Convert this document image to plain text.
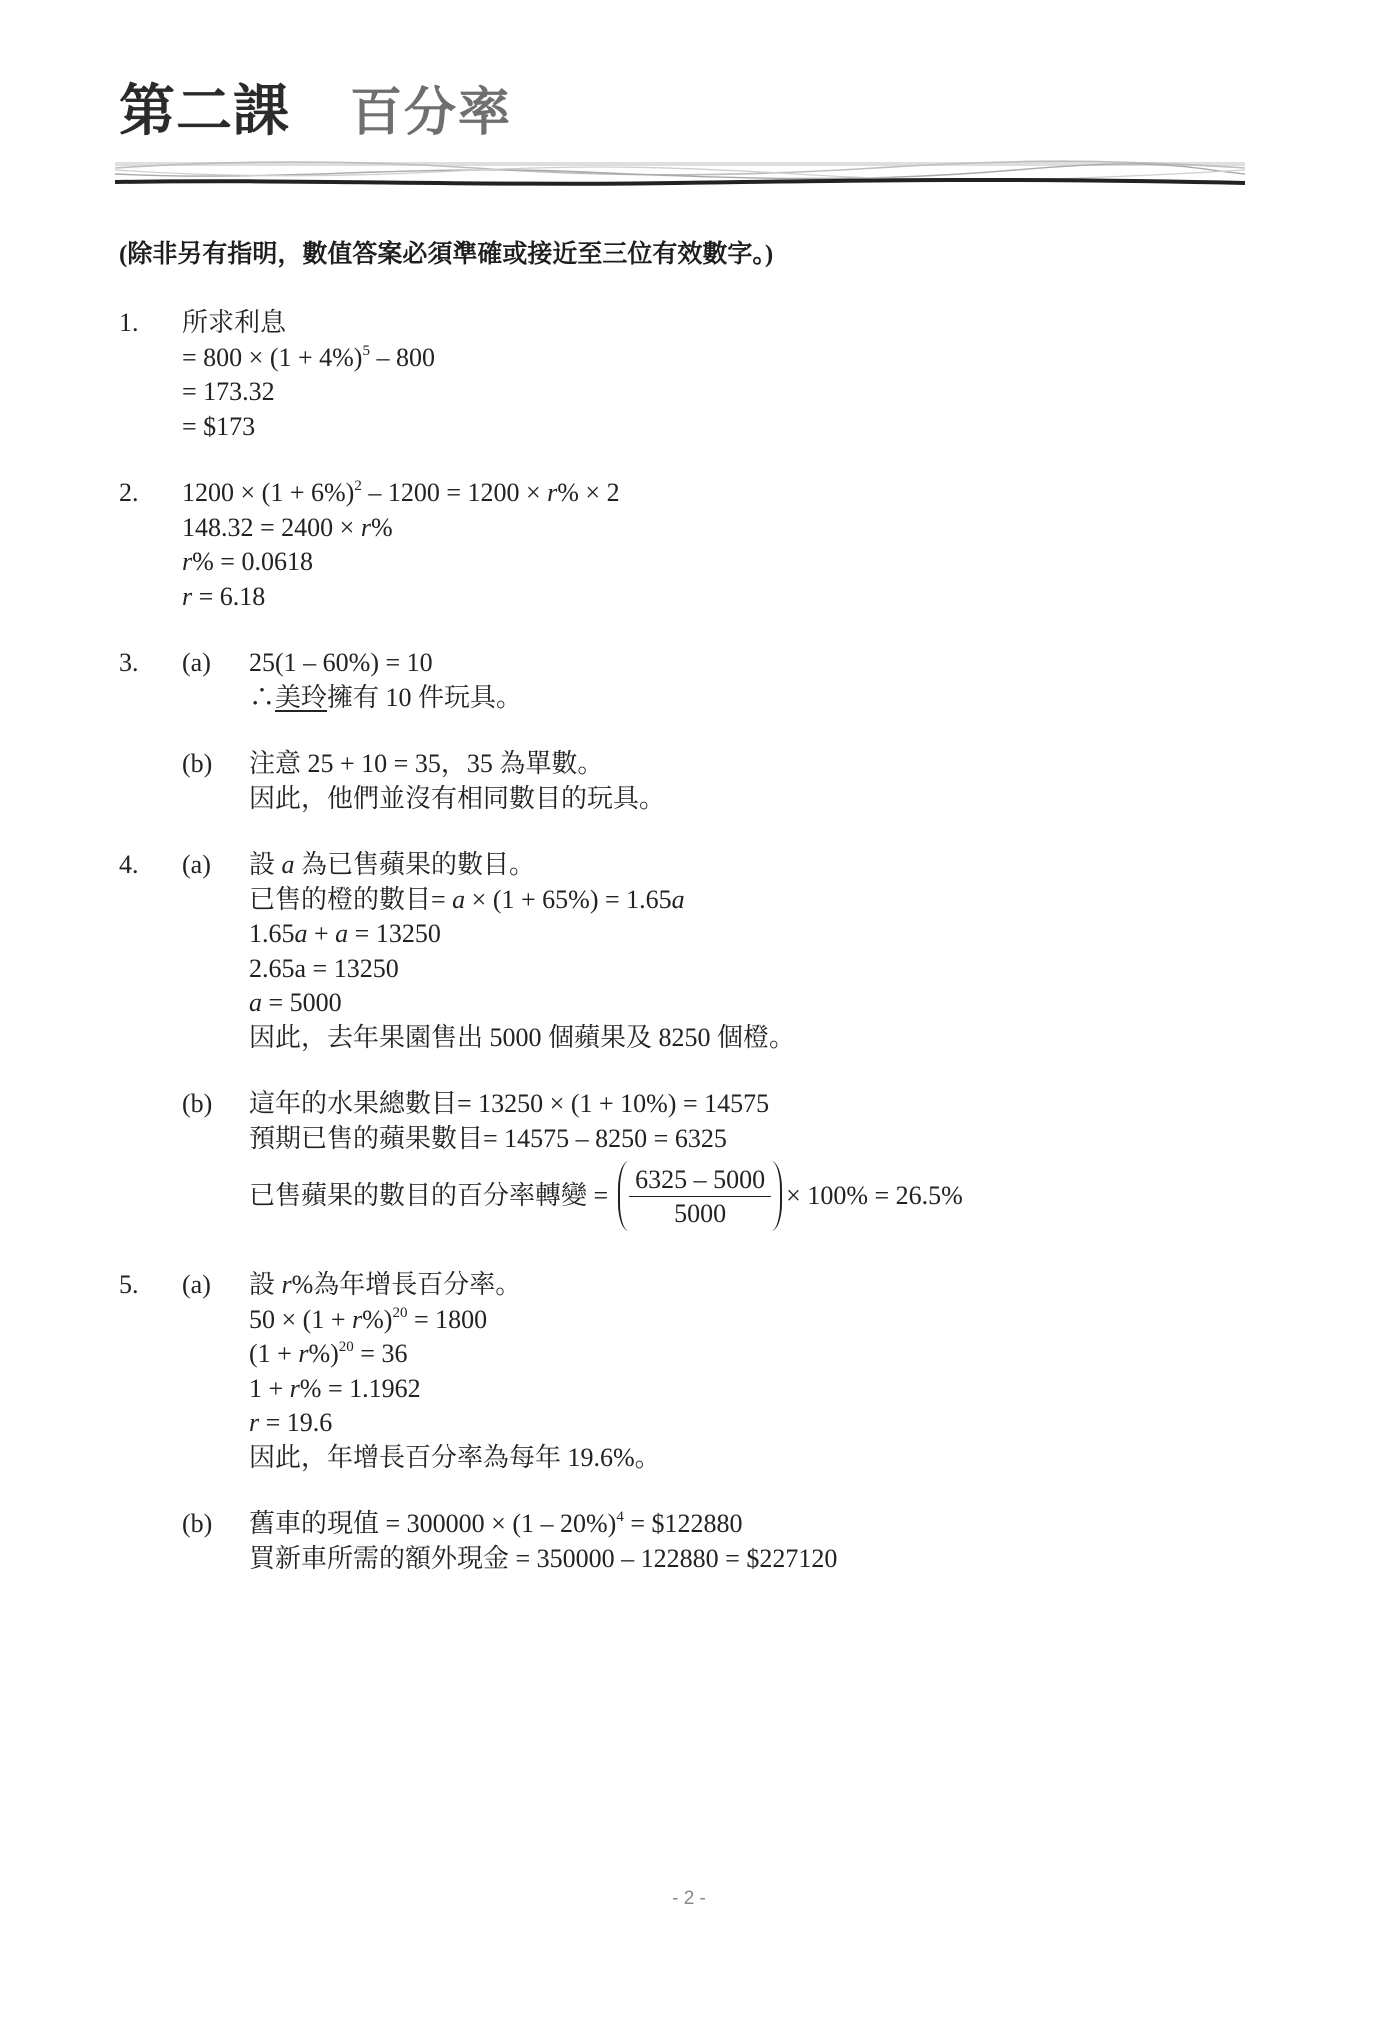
第二課 百分率
(除非另有指明，數值答案必須準確或接近至三位有效數字。)
1.	所求利息
= $800 \times (1 + 4\%)^5 - 800$
= 173.32
= $173
2.	$1200 \times (1 + 6\%)^2 - 1200 = 1200 \times r\% \times 2$
148.32 = 2400 × r%
r% = 0.0618
r = 6.18
3.	(a)	25(1 – 60%) = 10
∴美玲擁有 10 件玩具。
(b)	注意 25 + 10 = 35，35 為單數。
因此，他們並沒有相同數目的玩具。
4.	(a)	設 a 為已售蘋果的數目。
已售的橙的數目= a × (1 + 65%) = 1.65a
1.65a + a = 13250
2.65a = 13250
a = 5000
因此，去年果園售出 5000 個蘋果及 8250 個橙。
(b)	這年的水果總數目= 13250 × (1 + 10%) = 14575
預期已售的蘋果數目= 14575 – 8250 = 6325
已售蘋果的數目的百分率轉變 = $\frac{6325 - 5000}{5000} \times 100\% = 26.5\%$
5.	(a)	設 r%為年增長百分率。
$50 \times (1 + r\%)^{20} = 1800$
$(1 + r\%)^{20} = 36$
1 + r% = 1.1962
r = 19.6
因此，年增長百分率為每年 19.6%。
(b)	舊車的現值 = 300000 × (1 – 20%)$^4$ = $122880
買新車所需的額外現金 = 350000 – 122880 = $227120
- 2 -
